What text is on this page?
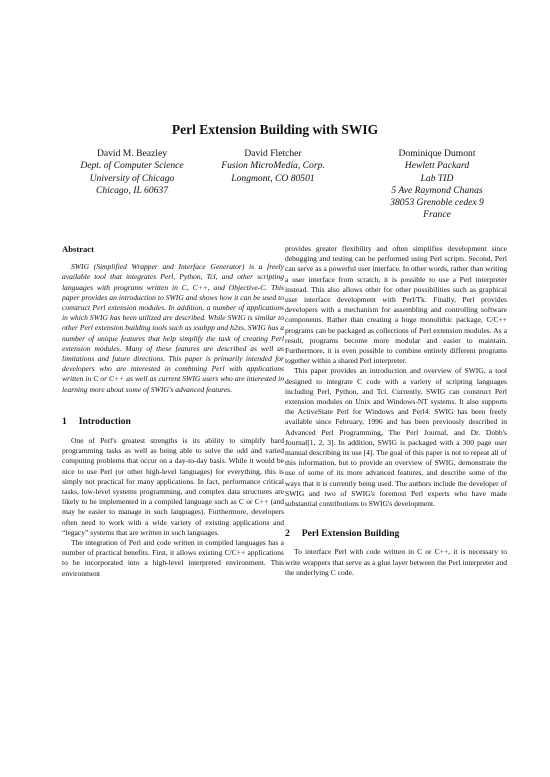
Perl Extension Building with SWIG
David M. Beazley
Dept. of Computer Science
University of Chicago
Chicago, IL 60637
David Fletcher
Fusion MicroMedia, Corp.
Longmont, CO 80501
Dominique Dumont
Hewlett Packard
Lab TID
5 Ave Raymond Chanas
38053 Grenoble cedex 9
France
Abstract

SWIG (Simplified Wrapper and Interface Generator) is a freely available tool that integrates Perl, Python, Tcl, and other scripting languages with programs written in C, C++, and Objective-C. This paper provides an introduction to SWIG and shows how it can be used to construct Perl extension modules. In addition, a number of applications in which SWIG has been utilized are described. While SWIG is similar to other Perl extension building tools such as xsubpp and h2xs, SWIG has a number of unique features that help simplify the task of creating Perl extension modules. Many of these features are described as well as limitations and future directions. This paper is primarily intended for developers who are interested in combining Perl with applications written in C or C++ as well as current SWIG users who are interested in learning more about some of SWIG's advanced features.

1 Introduction

One of Perl's greatest strengths is its ability to simplify hard programming tasks as well as being able to solve the odd and varied computing problems that occur on a day-to-day basis. While it would be nice to use Perl (or other high-level languages) for everything, this is simply not practical for many applications. In fact, performance critical tasks, low-level systems programming, and complex data structures are likely to be implemented in a compiled language such as C or C++ (and may be easier to manage in such languages). Furthermore, developers often need to work with a wide variety of existing applications and “legacy” systems that are written in such languages.

The integration of Perl and code written in compiled languages has a number of practical benefits. First, it allows existing C/C++ applications to be incorporated into a high-level interpreted environment. This environment

provides greater flexibility and often simplifies development since debugging and testing can be performed using Perl scripts. Second, Perl can serve as a powerful user interface. In other words, rather than writing a user interface from scratch, it is possible to use a Perl interpreter instead. This also allows other for other possibilities such as graphical user interface development with Perl/Tk. Finally, Perl provides developers with a mechanism for assembling and controlling software components. Rather than creating a huge monolithic package, C/C++ programs can be packaged as collections of Perl extension modules. As a result, programs become more modular and easier to maintain. Furthermore, it is even possible to combine entirely different programs together within a shared Perl interpreter.

This paper provides an introduction and overview of SWIG, a tool designed to integrate C code with a variety of scripting languages including Perl, Python, and Tcl. Currently, SWIG can construct Perl extension modules on Unix and Windows-NT systems. It also supports the ActiveState Perl for Windows and Perl4. SWIG has been freely available since February, 1996 and has been previously described in Advanced Perl Programming, The Perl Journal, and Dr. Dobb's Journal[1, 2, 3]. In addition, SWIG is packaged with a 300 page user manual describing its use [4]. The goal of this paper is not to repeat all of this information, but to provide an overview of SWIG, demonstrate the use of some of its more advanced features, and describe some of the ways that it is currently being used. The authors include the developer of SWIG and two of SWIG's foremost Perl experts who have made substantial contributions to SWIG's development.

2 Perl Extension Building

To interface Perl with code written in C or C++, it is necessary to write wrappers that serve as a glue layer between the Perl interpreter and the underlying C code.
